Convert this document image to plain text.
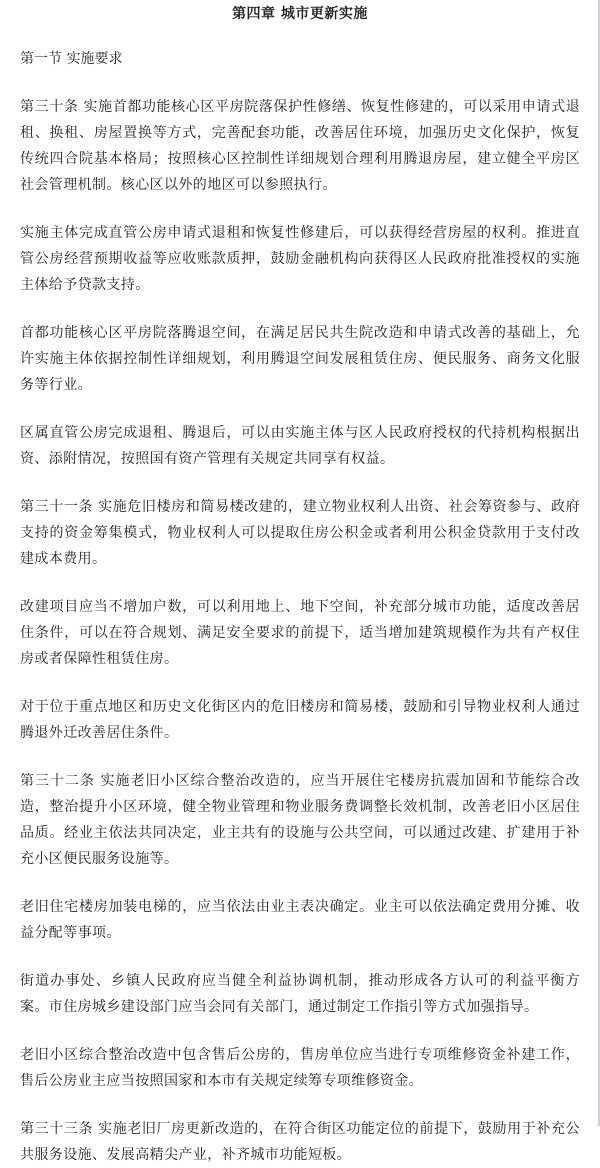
第四章 城市更新实施
第一节 实施要求

第三十条 实施首都功能核心区平房院落保护性修缮、恢复性修建的，可以采用申请式退租、换租、房屋置换等方式，完善配套功能，改善居住环境，加强历史文化保护，恢复传统四合院基本格局；按照核心区控制性详细规划合理利用腾退房屋，建立健全平房区社会管理机制。核心区以外的地区可以参照执行。

实施主体完成直管公房申请式退租和恢复性修建后，可以获得经营房屋的权利。推进直管公房经营预期收益等应收账款质押，鼓励金融机构向获得区人民政府批准授权的实施主体给予贷款支持。

首都功能核心区平房院落腾退空间，在满足居民共生院改造和申请式改善的基础上，允许实施主体依据控制性详细规划，利用腾退空间发展租赁住房、便民服务、商务文化服务等行业。

区属直管公房完成退租、腾退后，可以由实施主体与区人民政府授权的代持机构根据出资、添附情况，按照国有资产管理有关规定共同享有权益。

第三十一条 实施危旧楼房和简易楼改建的，建立物业权利人出资、社会筹资参与、政府支持的资金筹集模式，物业权利人可以提取住房公积金或者利用公积金贷款用于支付改建成本费用。

改建项目应当不增加户数，可以利用地上、地下空间，补充部分城市功能，适度改善居住条件，可以在符合规划、满足安全要求的前提下，适当增加建筑规模作为共有产权住房或者保障性租赁住房。

对于位于重点地区和历史文化街区内的危旧楼房和简易楼，鼓励和引导物业权利人通过腾退外迁改善居住条件。

第三十二条 实施老旧小区综合整治改造的，应当开展住宅楼房抗震加固和节能综合改造，整治提升小区环境，健全物业管理和物业服务费调整长效机制，改善老旧小区居住品质。经业主依法共同决定，业主共有的设施与公共空间，可以通过改建、扩建用于补充小区便民服务设施等。

老旧住宅楼房加装电梯的，应当依法由业主表决确定。业主可以依法确定费用分摊、收益分配等事项。

街道办事处、乡镇人民政府应当健全利益协调机制，推动形成各方认可的利益平衡方案。市住房城乡建设部门应当会同有关部门，通过制定工作指引等方式加强指导。

老旧小区综合整治改造中包含售后公房的，售房单位应当进行专项维修资金补建工作，售后公房业主应当按照国家和本市有关规定续筹专项维修资金。

第三十三条 实施老旧厂房更新改造的，在符合街区功能定位的前提下，鼓励用于补充公共服务设施、发展高精尖产业，补齐城市功能短板。
